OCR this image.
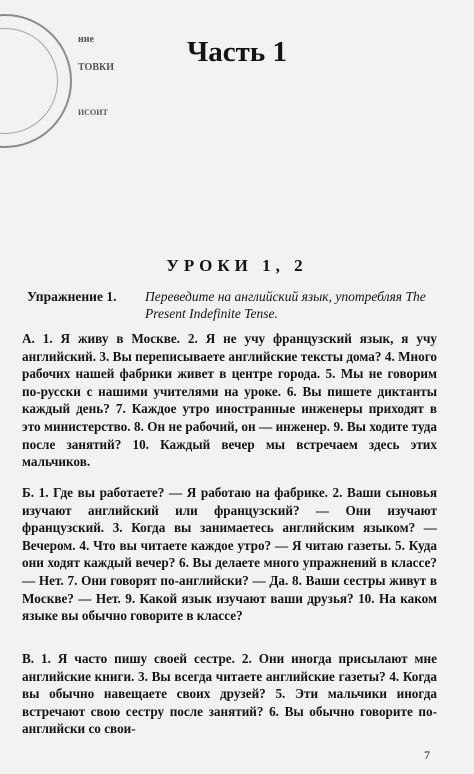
ние
ТОВКИ
ИСОИТ
Часть 1
УРОКИ 1, 2
Упражнение 1. Переведите на английский язык, употребляя The Present Indefinite Tense.
А. 1. Я живу в Москве. 2. Я не учу французский язык, я учу английский. 3. Вы переписываете английские тексты дома? 4. Много рабочих нашей фабрики живет в центре города. 5. Мы не говорим по-русски с нашими учителями на уроке. 6. Вы пишете диктанты каждый день? 7. Каждое утро иностранные инженеры приходят в это министерство. 8. Он не рабочий, он — инженер. 9. Вы ходите туда после занятий? 10. Каждый вечер мы встречаем здесь этих мальчиков.
Б. 1. Где вы работаете? — Я работаю на фабрике. 2. Ваши сыновья изучают английский или французский? — Они изучают французский. 3. Когда вы занимаетесь английским языком? — Вечером. 4. Что вы читаете каждое утро? — Я читаю газеты. 5. Куда они ходят каждый вечер? 6. Вы делаете много упражнений в классе? — Нет. 7. Они говорят по-английски? — Да. 8. Ваши сестры живут в Москве? — Нет. 9. Какой язык изучают ваши друзья? 10. На каком языке вы обычно говорите в классе?
В. 1. Я часто пишу своей сестре. 2. Они иногда присылают мне английские книги. 3. Вы всегда читаете английские газеты? 4. Когда вы обычно навещаете своих друзей? 5. Эти мальчики иногда встречают свою сестру после занятий? 6. Вы обычно говорите по-английски со свои-
7
